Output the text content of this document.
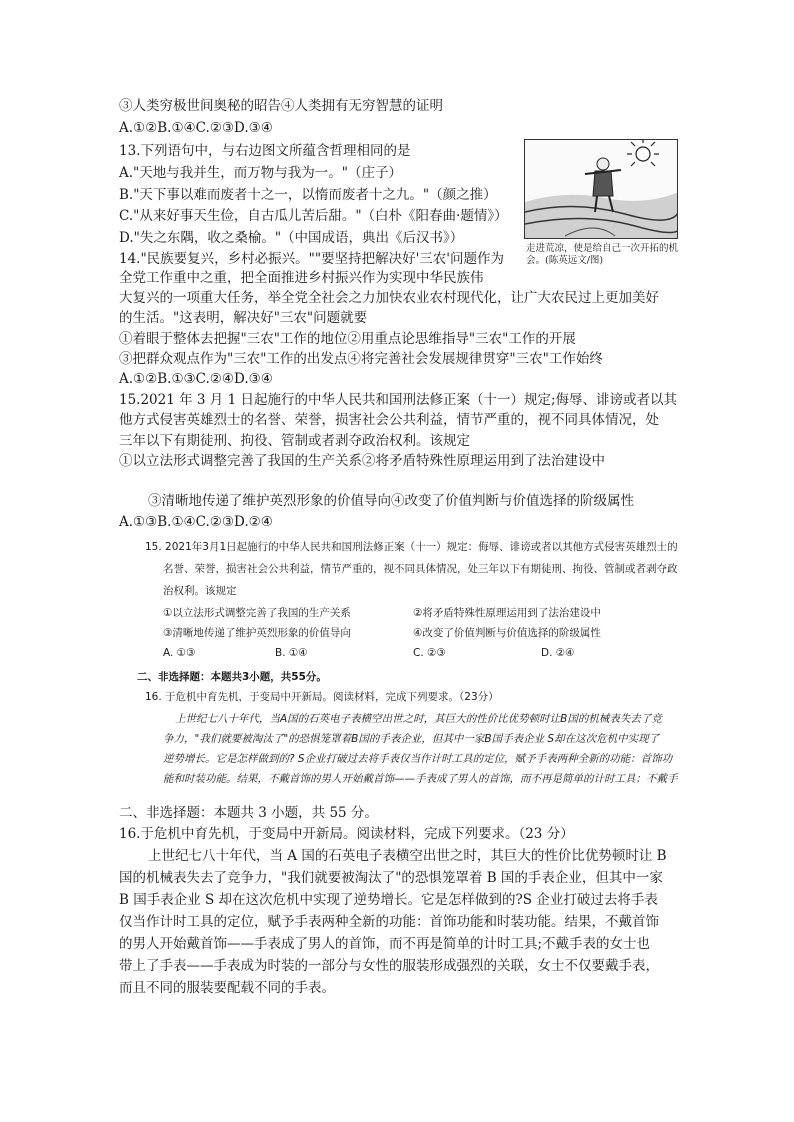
③人类穷极世间奥秘的昭告④人类拥有无穷智慧的证明
A.①②B.①④C.②③D.③④
13.下列语句中，与右边图文所蕴含哲理相同的是
A."天地与我并生，而万物与我为一。"（庄子）
B."天下事以难而废者十之一，以惰而废者十之九。"（颜之推）
C."从来好事天生俭，自古瓜儿苦后甜。"（白朴《阳春曲·题情》）
D."失之东隅，收之桑榆。"（中国成语，典出《后汉书》）
走进荒凉，使是给自己一次开拓的机会。(陈英远文/图)
14."民族要复兴，乡村必振兴。""要坚持把解决好'三农'问题作为
全党工作重中之重，把全面推进乡村振兴作为实现中华民族伟
大复兴的一项重大任务，举全党全社会之力加快农业农村现代化，让广大农民过上更加美好
的生活。"这表明，解决好"三农"问题就要
①着眼于整体去把握"三农"工作的地位②用重点论思维指导"三农"工作的开展
③把群众观点作为"三农"工作的出发点④将完善社会发展规律贯穿"三农"工作始终
A.①②B.①③C.②④D.③④
15.2021 年 3 月 1 日起施行的中华人民共和国刑法修正案（十一）规定;侮辱、诽谤或者以其
他方式侵害英雄烈士的名誉、荣誉，损害社会公共利益，情节严重的，视不同具体情况，处
三年以下有期徒刑、拘役、管制或者剥夺政治权利。该规定
①以立法形式调整完善了我国的生产关系②将矛盾特殊性原理运用到了法治建设中
③清晰地传递了维护英烈形象的价值导向④改变了价值判断与价值选择的阶级属性
A.①③B.①④C.②③D.②④
15. 2021年3月1日起施行的中华人民共和国刑法修正案（十一）规定：侮辱、诽谤或者以其他方式侵害英雄烈士的
名誉、荣誉，损害社会公共利益，情节严重的，视不同具体情况，处三年以下有期徒刑、拘役、管制或者剥夺政
治权利。该规定
①以立法形式调整完善了我国的生产关系	②将矛盾特殊性原理运用到了法治建设中
③清晰地传递了维护英烈形象的价值导向	④改变了价值判断与价值选择的阶级属性
A. ①③	B. ①④	C. ②③	D. ②④
二、非选择题：本题共3小题，共55分。
16. 于危机中育先机，于变局中开新局。阅读材料，完成下列要求。（23分）
上世纪七八十年代，当A国的石英电子表横空出世之时，其巨大的性价比优势顿时让B国的机械表失去了竞
争力，"我们就要被淘汰了"的恐惧笼罩着B国的手表企业，但其中一家B国手表企业 S却在这次危机中实现了
逆势增长。它是怎样做到的? S企业打破过去将手表仅当作计时工具的定位，赋予手表两种全新的功能：首饰功
能和时装功能。结果，不戴首饰的男人开始戴首饰——手表成了男人的首饰，而不再是简单的计时工具；不戴手
二、非选择题：本题共 3 小题，共 55 分。
16.于危机中育先机，于变局中开新局。阅读材料，完成下列要求。（23 分）
上世纪七八十年代，当 A 国的石英电子表横空出世之时，其巨大的性价比优势顿时让 B
国的机械表失去了竞争力，"我们就要被淘汰了"的恐惧笼罩着 B 国的手表企业，但其中一家
B 国手表企业 S 却在这次危机中实现了逆势增长。它是怎样做到的?S 企业打破过去将手表
仅当作计时工具的定位，赋予手表两种全新的功能：首饰功能和时装功能。结果，不戴首饰
的男人开始戴首饰——手表成了男人的首饰，而不再是简单的计时工具;不戴手表的女士也
带上了手表——手表成为时装的一部分与女性的服装形成强烈的关联，女士不仅要戴手表，
而且不同的服装要配载不同的手表。
